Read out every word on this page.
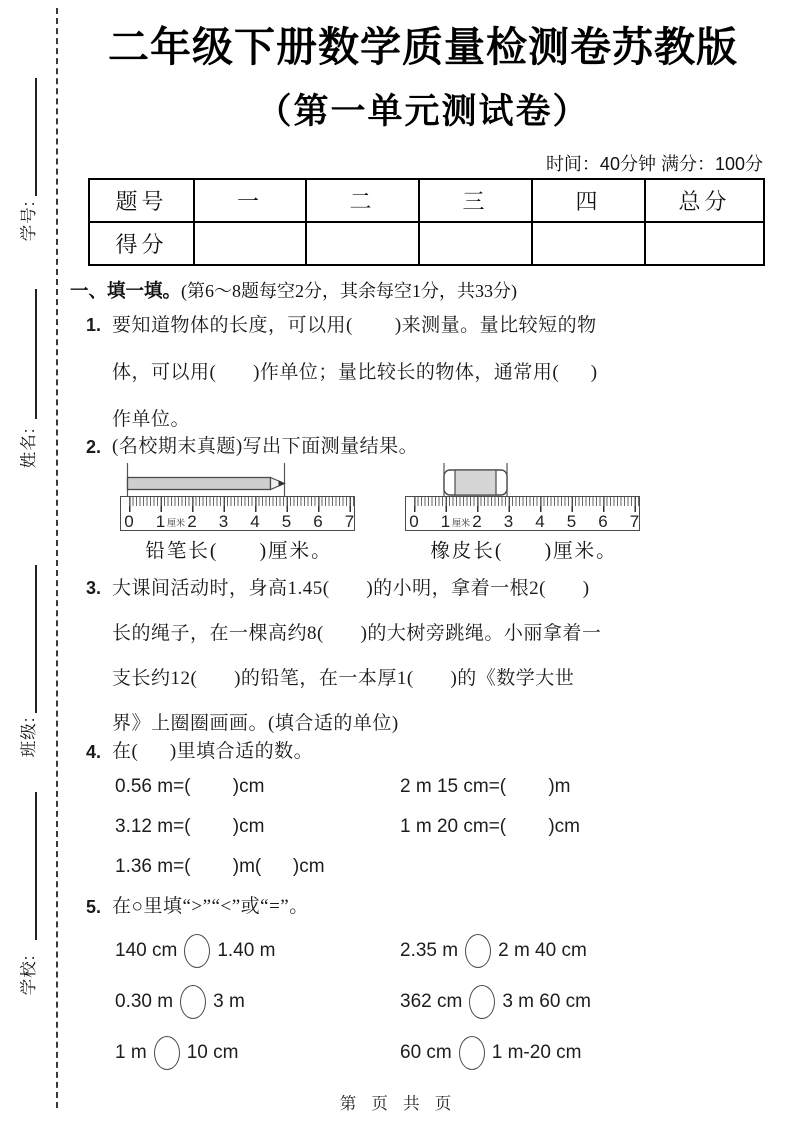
学号:
姓名:
班级:
学校:
二年级下册数学质量检测卷苏教版
（第一单元测试卷）
时间：40分钟 满分：100分
题号	一	二	三	四	总分
得分					
一、填一填。(第6～8题每空2分，其余每空1分，共33分)
1. 要知道物体的长度，可以用(        )来测量。量比较短的物
体，可以用(       )作单位；量比较长的物体，通常用(      )
作单位。
2. (名校期末真题)写出下面测量结果。
0 1 厘米 2 3 4 5 6 7
铅笔长(      )厘米。
0 1 厘米 2 3 4 5 6 7
橡皮长(      )厘米。
3. 大课间活动时，身高1.45(       )的小明，拿着一根2(       )
长的绳子，在一棵高约8(       )的大树旁跳绳。小丽拿着一
支长约12(       )的铅笔，在一本厚1(       )的《数学大世
界》上圈圈画画。(填合适的单位)
4. 在(      )里填合适的数。
0.56 m=(        )cm	2 m 15 cm=(        )m
3.12 m=(        )cm	1 m 20 cm=(        )cm
1.36 m=(        )m(      )cm
5. 在○里填“>”“<”或“=”。
140 cm 1.40 m	2.35 m 2 m 40 cm
0.30 m 3 m	362 cm 3 m 60 cm
1 m 10 cm	60 cm 1 m-20 cm
第  页  共  页
